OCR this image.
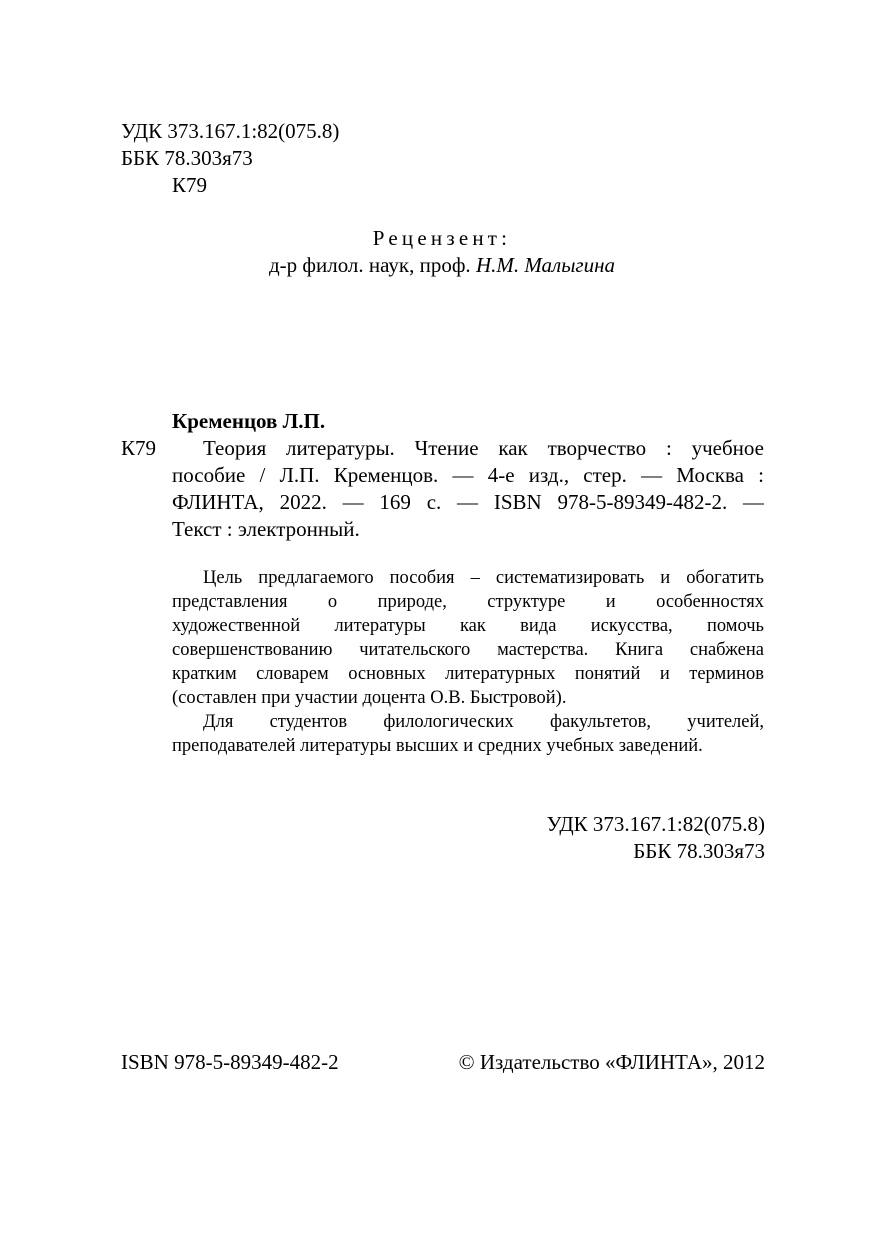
УДК 373.167.1:82(075.8)
ББК 78.303я73
К79
Рецензент:
д-р филол. наук, проф. Н.М. Малыгина
Кременцов Л.П.
К79 Теория литературы. Чтение как творчество : учебное
пособие / Л.П. Кременцов. — 4-е изд., стер. — Москва :
ФЛИНТА, 2022. — 169 с. — ISBN 978-5-89349-482-2. —
Текст : электронный.
Цель предлагаемого пособия – систематизировать и обогатить
представления о природе, структуре и особенностях
художественной литературы как вида искусства, помочь
совершенствованию читательского мастерства. Книга снабжена
кратким словарем основных литературных понятий и терминов
(составлен при участии доцента О.В. Быстровой).
Для студентов филологических факультетов, учителей,
преподавателей литературы высших и средних учебных заведений.
УДК 373.167.1:82(075.8)
ББК 78.303я73
ISBN 978-5-89349-482-2	© Издательство «ФЛИНТА», 2012
